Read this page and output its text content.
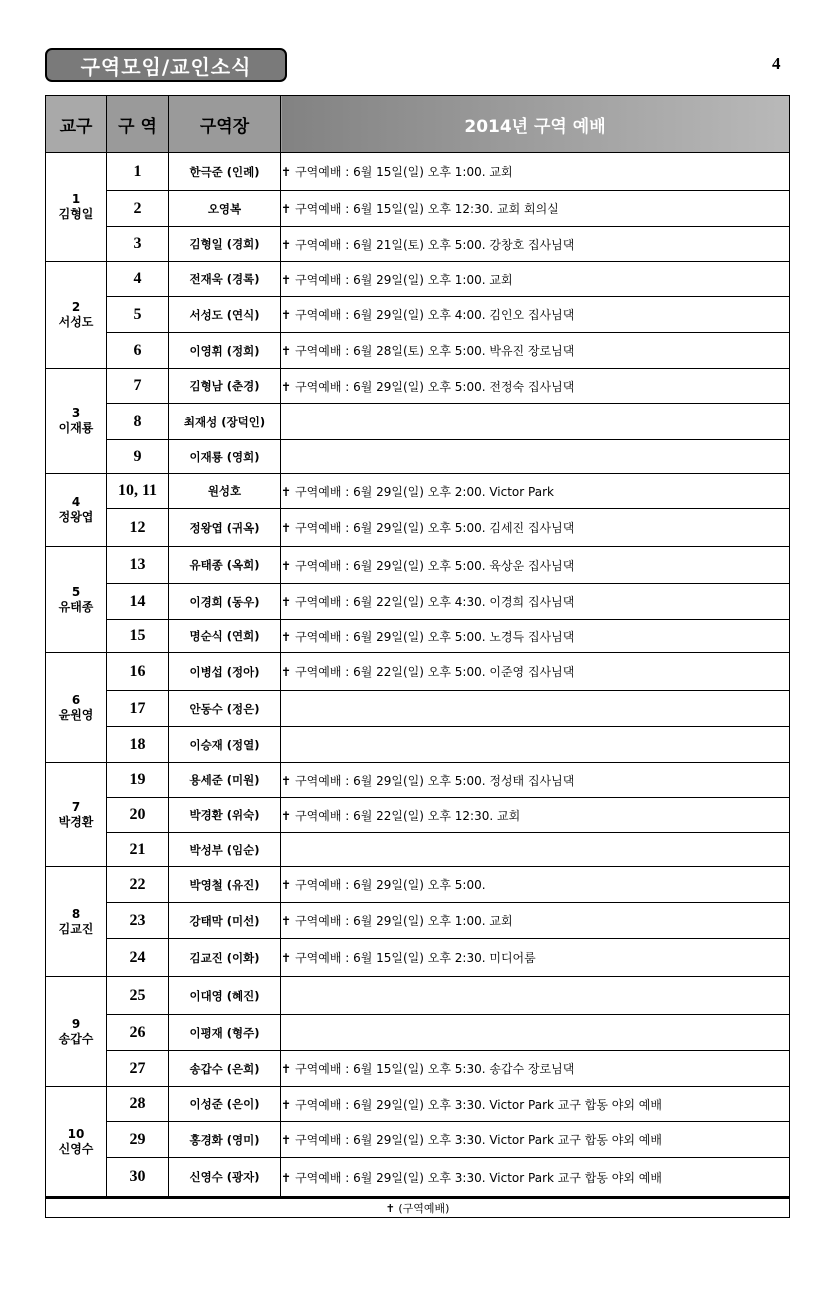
구역모임/교인소식	4
교구	구 역	구역장	2014년 구역 예배

1
김형일	1	한극준 (인례)	✝ 구역예배 : 6월 15일(일) 오후 1:00. 교회
	2	오영복	✝ 구역예배 : 6월 15일(일) 오후 12:30. 교회 회의실
	3	김형일 (경희)	✝ 구역예배 : 6월 21일(토) 오후 5:00. 강창호 집사님댁

2
서성도	4	전재욱 (경록)	✝ 구역예배 : 6월 29일(일) 오후 1:00. 교회
	5	서성도 (연식)	✝ 구역예배 : 6월 29일(일) 오후 4:00. 김인오 집사님댁
	6	이영휘 (정희)	✝ 구역예배 : 6월 28일(토) 오후 5:00. 박유진 장로님댁

3
이재룡	7	김형남 (춘경)	✝ 구역예배 : 6월 29일(일) 오후 5:00. 전정숙 집사님댁
	8	최재성 (장덕인)	
	9	이재룡 (영희)	

4
정왕엽	10, 11	원성호	✝ 구역예배 : 6월 29일(일) 오후 2:00. Victor Park
	12	정왕엽 (귀옥)	✝ 구역예배 : 6월 29일(일) 오후 5:00. 김세진 집사님댁

5
유태종	13	유태종 (옥희)	✝ 구역예배 : 6월 29일(일) 오후 5:00. 육상운 집사님댁
	14	이경희 (동우)	✝ 구역예배 : 6월 22일(일) 오후 4:30. 이경희 집사님댁
	15	명순식 (연희)	✝ 구역예배 : 6월 29일(일) 오후 5:00. 노경득 집사님댁

6
윤원영	16	이병섭 (정아)	✝ 구역예배 : 6월 22일(일) 오후 5:00. 이준영 집사님댁
	17	안동수 (정은)	
	18	이승재 (정열)	

7
박경환	19	용세준 (미원)	✝ 구역예배 : 6월 29일(일) 오후 5:00. 정성태 집사님댁
	20	박경환 (위숙)	✝ 구역예배 : 6월 22일(일) 오후 12:30. 교회
	21	박성부 (임순)	

8
김교진	22	박영철 (유진)	✝ 구역예배 : 6월 29일(일) 오후 5:00.
	23	강태막 (미선)	✝ 구역예배 : 6월 29일(일) 오후 1:00. 교회
	24	김교진 (이화)	✝ 구역예배 : 6월 15일(일) 오후 2:30. 미디어룸

9
송갑수	25	이대영 (혜진)	
	26	이평재 (형주)	
	27	송갑수 (은희)	✝ 구역예배 : 6월 15일(일) 오후 5:30. 송갑수 장로님댁

10
신영수	28	이성준 (은이)	✝ 구역예배 : 6월 29일(일) 오후 3:30. Victor Park 교구 합동 야외 예배
	29	홍경화 (영미)	✝ 구역예배 : 6월 29일(일) 오후 3:30. Victor Park 교구 합동 야외 예배
	30	신영수 (광자)	✝ 구역예배 : 6월 29일(일) 오후 3:30. Victor Park 교구 합동 야외 예배
✝ (구역예배)			
